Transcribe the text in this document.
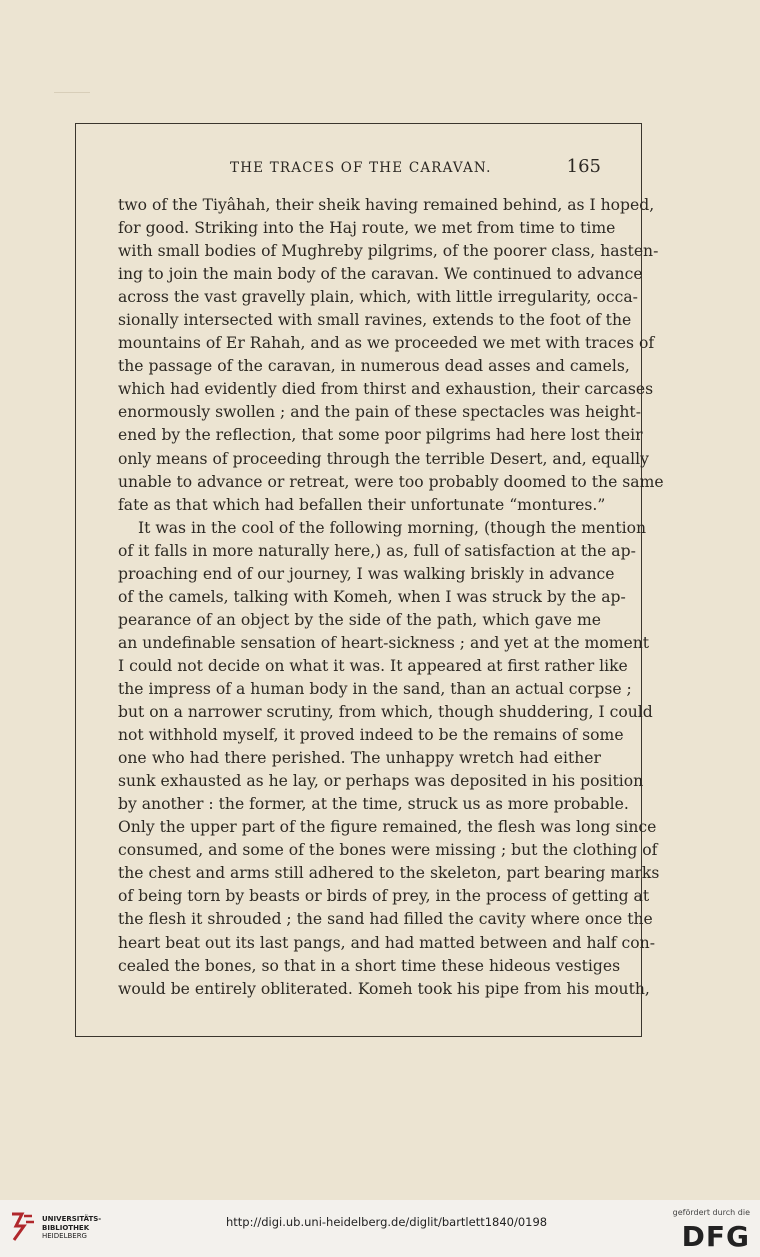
THE TRACES OF THE CARAVAN.	165
two of the Tiyâhah, their sheik having remained behind, as I hoped,
for good. Striking into the Haj route, we met from time to time
with small bodies of Mughreby pilgrims, of the poorer class, hasten-
ing to join the main body of the caravan. We continued to advance
across the vast gravelly plain, which, with little irregularity, occa-
sionally intersected with small ravines, extends to the foot of the
mountains of Er Rahah, and as we proceeded we met with traces of
the passage of the caravan, in numerous dead asses and camels,
which had evidently died from thirst and exhaustion, their carcases
enormously swollen ; and the pain of these spectacles was height-
ened by the reflection, that some poor pilgrims had here lost their
only means of proceeding through the terrible Desert, and, equally
unable to advance or retreat, were too probably doomed to the same
fate as that which had befallen their unfortunate “montures.”
It was in the cool of the following morning, (though the mention
of it falls in more naturally here,) as, full of satisfaction at the ap-
proaching end of our journey, I was walking briskly in advance
of the camels, talking with Komeh, when I was struck by the ap-
pearance of an object by the side of the path, which gave me
an undefinable sensation of heart-sickness ; and yet at the moment
I could not decide on what it was. It appeared at first rather like
the impress of a human body in the sand, than an actual corpse ;
but on a narrower scrutiny, from which, though shuddering, I could
not withhold myself, it proved indeed to be the remains of some
one who had there perished. The unhappy wretch had either
sunk exhausted as he lay, or perhaps was deposited in his position
by another : the former, at the time, struck us as more probable.
Only the upper part of the figure remained, the flesh was long since
consumed, and some of the bones were missing ; but the clothing of
the chest and arms still adhered to the skeleton, part bearing marks
of being torn by beasts or birds of prey, in the process of getting at
the flesh it shrouded ; the sand had filled the cavity where once the
heart beat out its last pangs, and had matted between and half con-
cealed the bones, so that in a short time these hideous vestiges
would be entirely obliterated. Komeh took his pipe from his mouth,
UNIVERSITÄTS-
BIBLIOTHEK
HEIDELBERG
http://digi.ub.uni-heidelberg.de/diglit/bartlett1840/0198
gefördert durch die
DFG
